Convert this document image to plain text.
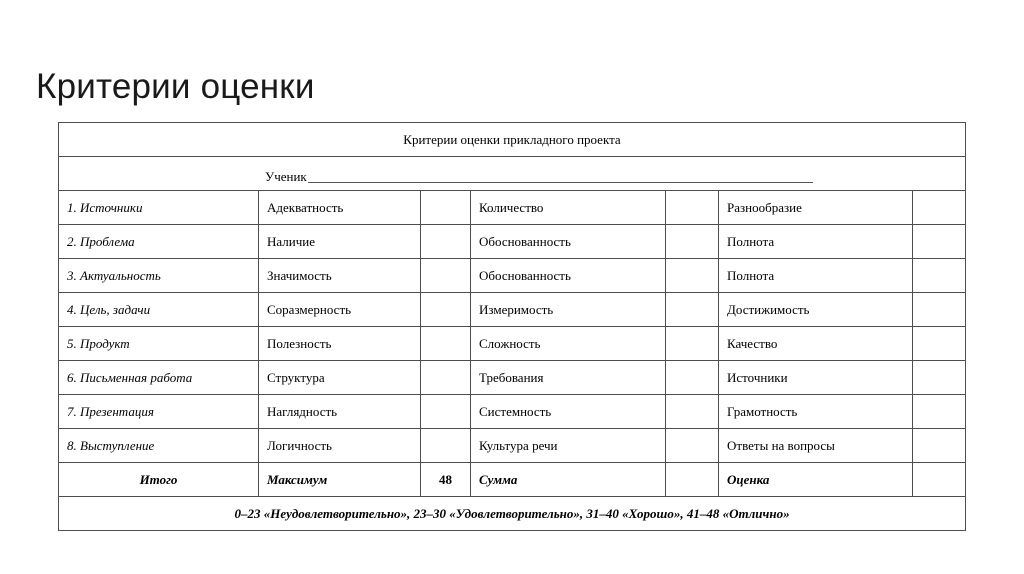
Критерии оценки
Критерии оценки прикладного проекта						

Ученик						

1. Источники	Адекватность		Количество		Разнообразие	
2. Проблема	Наличие		Обоснованность		Полнота	
3. Актуальность	Значимость		Обоснованность		Полнота	
4. Цель, задачи	Соразмерность		Измеримость		Достижимость	
5. Продукт	Полезность		Сложность		Качество	
6. Письменная работа	Структура		Требования		Источники	
7. Презентация	Наглядность		Системность		Грамотность	
8. Выступление	Логичность		Культура речи		Ответы на вопросы	
Итого	Максимум	48	Сумма		Оценка	
0–23 «Неудовлетворительно», 23–30 «Удовлетворительно», 31–40 «Хорошо», 41–48 «Отлично»						
